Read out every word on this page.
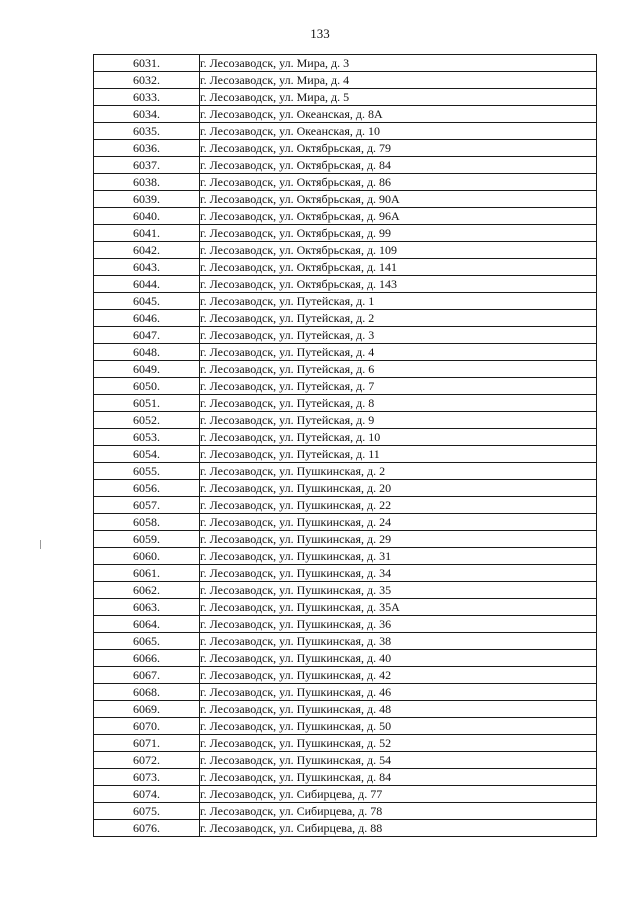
133
6031.	г. Лесозаводск, ул. Мира, д. 3
6032.	г. Лесозаводск, ул. Мира, д. 4
6033.	г. Лесозаводск, ул. Мира, д. 5
6034.	г. Лесозаводск, ул. Океанская, д. 8А
6035.	г. Лесозаводск, ул. Океанская, д. 10
6036.	г. Лесозаводск, ул. Октябрьская, д. 79
6037.	г. Лесозаводск, ул. Октябрьская, д. 84
6038.	г. Лесозаводск, ул. Октябрьская, д. 86
6039.	г. Лесозаводск, ул. Октябрьская, д. 90А
6040.	г. Лесозаводск, ул. Октябрьская, д. 96А
6041.	г. Лесозаводск, ул. Октябрьская, д. 99
6042.	г. Лесозаводск, ул. Октябрьская, д. 109
6043.	г. Лесозаводск, ул. Октябрьская, д. 141
6044.	г. Лесозаводск, ул. Октябрьская, д. 143
6045.	г. Лесозаводск, ул. Путейская, д. 1
6046.	г. Лесозаводск, ул. Путейская, д. 2
6047.	г. Лесозаводск, ул. Путейская, д. 3
6048.	г. Лесозаводск, ул. Путейская, д. 4
6049.	г. Лесозаводск, ул. Путейская, д. 6
6050.	г. Лесозаводск, ул. Путейская, д. 7
6051.	г. Лесозаводск, ул. Путейская, д. 8
6052.	г. Лесозаводск, ул. Путейская, д. 9
6053.	г. Лесозаводск, ул. Путейская, д. 10
6054.	г. Лесозаводск, ул. Путейская, д. 11
6055.	г. Лесозаводск, ул. Пушкинская, д. 2
6056.	г. Лесозаводск, ул. Пушкинская, д. 20
6057.	г. Лесозаводск, ул. Пушкинская, д. 22
6058.	г. Лесозаводск, ул. Пушкинская, д. 24
6059.	г. Лесозаводск, ул. Пушкинская, д. 29
6060.	г. Лесозаводск, ул. Пушкинская, д. 31
6061.	г. Лесозаводск, ул. Пушкинская, д. 34
6062.	г. Лесозаводск, ул. Пушкинская, д. 35
6063.	г. Лесозаводск, ул. Пушкинская, д. 35А
6064.	г. Лесозаводск, ул. Пушкинская, д. 36
6065.	г. Лесозаводск, ул. Пушкинская, д. 38
6066.	г. Лесозаводск, ул. Пушкинская, д. 40
6067.	г. Лесозаводск, ул. Пушкинская, д. 42
6068.	г. Лесозаводск, ул. Пушкинская, д. 46
6069.	г. Лесозаводск, ул. Пушкинская, д. 48
6070.	г. Лесозаводск, ул. Пушкинская, д. 50
6071.	г. Лесозаводск, ул. Пушкинская, д. 52
6072.	г. Лесозаводск, ул. Пушкинская, д. 54
6073.	г. Лесозаводск, ул. Пушкинская, д. 84
6074.	г. Лесозаводск, ул. Сибирцева, д. 77
6075.	г. Лесозаводск, ул. Сибирцева, д. 78
6076.	г. Лесозаводск, ул. Сибирцева, д. 88
